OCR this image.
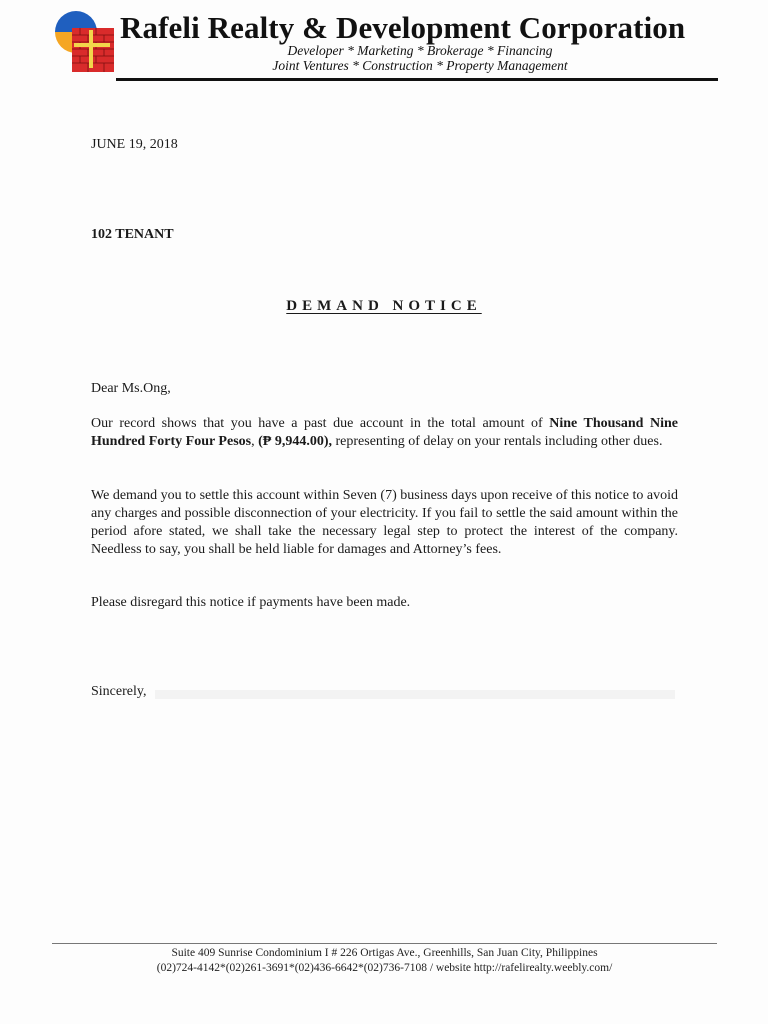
Rafeli Realty & Development Corporation
Developer * Marketing * Brokerage * Financing
Joint Ventures * Construction * Property Management
JUNE 19, 2018
102 TENANT
DEMAND NOTICE
Dear Ms.Ong,
Our record shows that you have a past due account in the total amount of Nine Thousand Nine Hundred Forty Four Pesos, (₱ 9,944.00), representing of delay on your rentals including other dues.
We demand you to settle this account within Seven (7) business days upon receive of this notice to avoid any charges and possible disconnection of your electricity. If you fail to settle the said amount within the period afore stated, we shall take the necessary legal step to protect the interest of the company. Needless to say, you shall be held liable for damages and Attorney’s fees.
Please disregard this notice if payments have been made.
Sincerely,
Suite 409 Sunrise Condominium I # 226 Ortigas Ave., Greenhills, San Juan City, Philippines
(02)724-4142*(02)261-3691*(02)436-6642*(02)736-7108 / website http://rafelirealty.weebly.com/
